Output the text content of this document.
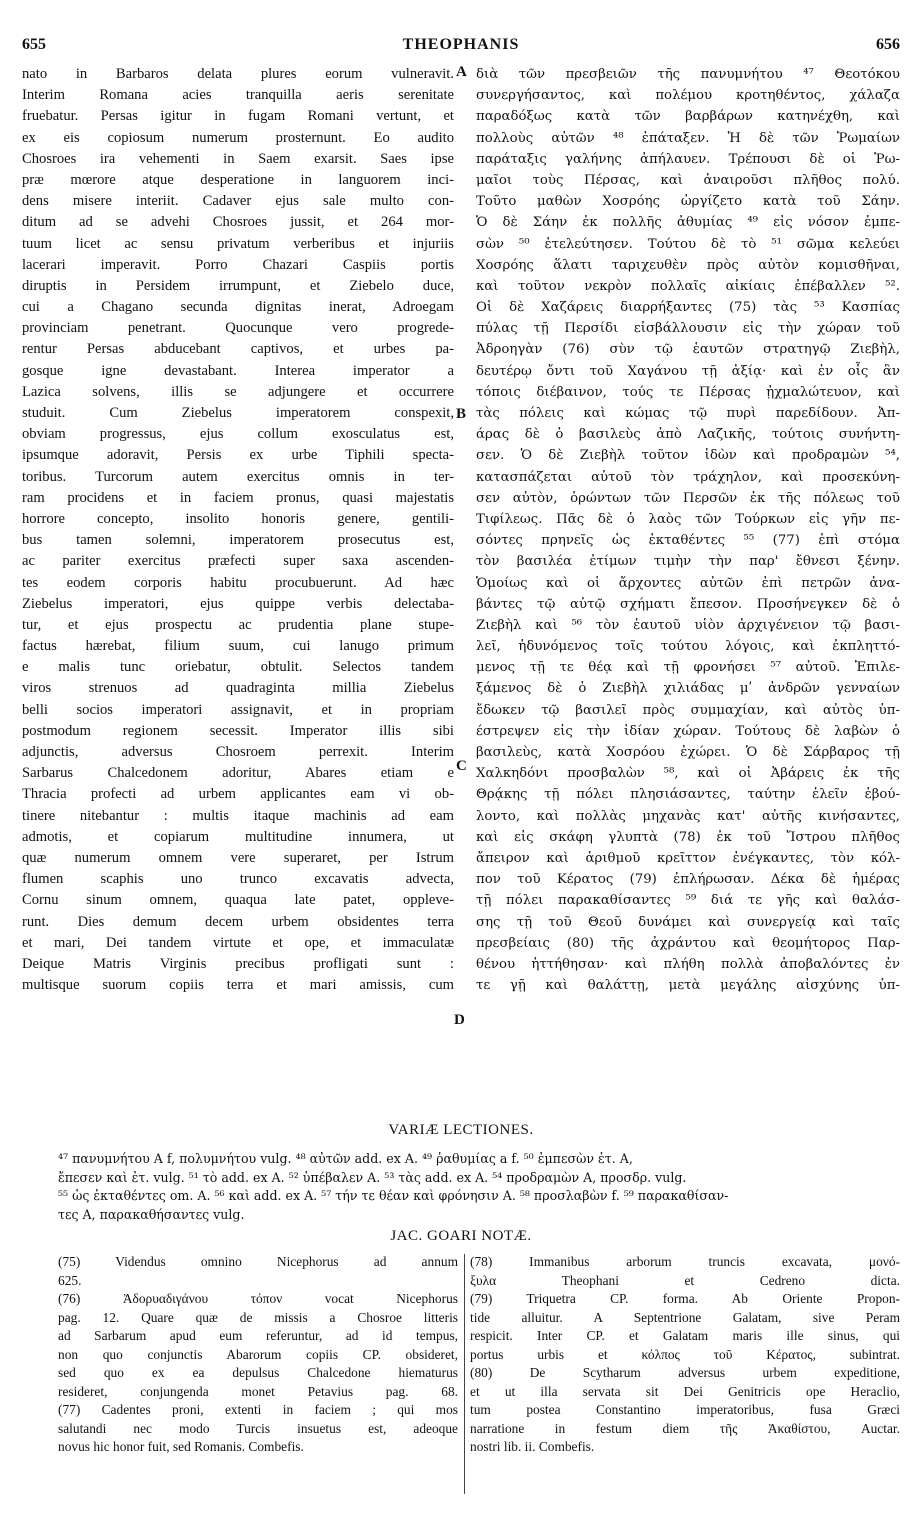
655	THEOPHANIS	656
nato in Barbaros delata plures eorum vulneravit.
Interim Romana acies tranquilla aeris serenitate
fruebatur. Persas igitur in fugam Romani vertunt, et
ex eis copiosum numerum prosternunt. Eo audito
Chosroes ira vehementi in Saem exarsit. Saes ipse
præ mœrore atque desperatione in languorem inci-
dens misere interiit. Cadaver ejus sale multo con-
ditum ad se advehi Chosroes jussit, et 264 mor-
tuum licet ac sensu privatum verberibus et injuriis
lacerari imperavit. Porro Chazari Caspiis portis
diruptis in Persidem irrumpunt, et Ziebelo duce,
cui a Chagano secunda dignitas inerat, Adroegam
provinciam penetrant. Quocunque vero progrede-
rentur Persas abducebant captivos, et urbes pa-
gosque igne devastabant. Interea imperator a
Lazica solvens, illis se adjungere et occurrere
studuit. Cum Ziebelus imperatorem conspexit,
obviam progressus, ejus collum exosculatus est,
ipsumque adoravit, Persis ex urbe Tiphili specta-
toribus. Turcorum autem exercitus omnis in ter-
ram procidens et in faciem pronus, quasi majestatis
horrore concepto, insolito honoris genere, gentili-
bus tamen solemni, imperatorem prosecutus est,
ac pariter exercitus præfecti super saxa ascenden-
tes eodem corporis habitu procubuerunt. Ad hæc
Ziebelus imperatori, ejus quippe verbis delectaba-
tur, et ejus prospectu ac prudentia plane stupe-
factus hærebat, filium suum, cui lanugo primum
e malis tunc oriebatur, obtulit. Selectos tandem
viros strenuos ad quadraginta millia Ziebelus
belli socios imperatori assignavit, et in propriam
postmodum regionem secessit. Imperator illis sibi
adjunctis, adversus Chosroem perrexit. Interim
Sarbarus Chalcedonem adoritur, Abares etiam e
Thracia profecti ad urbem applicantes eam vi ob-
tinere nitebantur : multis itaque machinis ad eam
admotis, et copiarum multitudine innumera, ut
quæ numerum omnem vere superaret, per Istrum
flumen scaphis uno trunco excavatis advecta,
Cornu sinum omnem, quaqua late patet, oppleve-
runt. Dies demum decem urbem obsidentes terra
et mari, Dei tandem virtute et ope, et immaculatæ
Deique Matris Virginis precibus profligati sunt :
multisque suorum copiis terra et mari amissis, cum
διὰ τῶν πρεσβειῶν τῆς πανυμνήτου ⁴⁷ Θεοτόκου
συνεργήσαντος, καὶ πολέμου κροτηθέντος, χάλαζα
παραδόξως κατὰ τῶν βαρβάρων κατηνέχθη, καὶ
πολλοὺς αὐτῶν ⁴⁸ ἐπάταξεν. Ἡ δὲ τῶν Ῥωμαίων
παράταξις γαλήνης ἀπήλαυεν. Τρέπουσι δὲ οἱ Ῥω-
μαῖοι τοὺς Πέρσας, καὶ ἀναιροῦσι πλῆθος πολύ.
Τοῦτο μαθὼν Χοσρόης ὠργίζετο κατὰ τοῦ Σάην.
Ὁ δὲ Σάην ἐκ πολλῆς ἀθυμίας ⁴⁹ εἰς νόσον ἐμπε-
σὼν ⁵⁰ ἐτελεύτησεν. Τούτου δὲ τὸ ⁵¹ σῶμα κελεύει
Χοσρόης ἅλατι ταριχευθὲν πρὸς αὐτὸν κομισθῆναι,
καὶ τοῦτον νεκρὸν πολλαῖς αἰκίαις ἐπέβαλλεν ⁵².
Οἱ δὲ Χαζάρεις διαρρήξαντες (75) τὰς ⁵³ Κασπίας
πύλας τῇ Περσίδι εἰσβάλλουσιν εἰς τὴν χώραν τοῦ
Ἀδροηγὰν (76) σὺν τῷ ἑαυτῶν στρατηγῷ Ζιεβὴλ,
δευτέρῳ ὄντι τοῦ Χαγάνου τῇ ἀξίᾳ· καὶ ἐν οἷς ἂν
τόποις διέβαινον, τούς τε Πέρσας ᾐχμαλώτευον, καὶ
τὰς πόλεις καὶ κώμας τῷ πυρὶ παρεδίδουν. Ἀπ-
άρας δὲ ὁ βασιλεὺς ἀπὸ Λαζικῆς, τούτοις συνήντη-
σεν. Ὁ δὲ Ζιεβὴλ τοῦτον ἰδὼν καὶ προδραμὼν ⁵⁴,
κατασπάζεται αὐτοῦ τὸν τράχηλον, καὶ προσεκύνη-
σεν αὐτὸν, ὁρώντων τῶν Περσῶν ἐκ τῆς πόλεως τοῦ
Τιφίλεως. Πᾶς δὲ ὁ λαὸς τῶν Τούρκων εἰς γῆν πε-
σόντες πρηνεῖς ὡς ἐκταθέντες ⁵⁵ (77) ἐπὶ στόμα
τὸν βασιλέα ἐτίμων τιμὴν τὴν παρ' ἔθνεσι ξένην.
Ὁμοίως καὶ οἱ ἄρχοντες αὐτῶν ἐπὶ πετρῶν ἀνα-
βάντες τῷ αὐτῷ σχήματι ἔπεσον. Προσήνεγκεν δὲ ὁ
Ζιεβὴλ καὶ ⁵⁶ τὸν ἑαυτοῦ υἱὸν ἀρχιγένειον τῷ βασι-
λεῖ, ἡδυνόμενος τοῖς τούτου λόγοις, καὶ ἐκπληττό-
μενος τῇ τε θέᾳ καὶ τῇ φρονήσει ⁵⁷ αὐτοῦ. Ἐπιλε-
ξάμενος δὲ ὁ Ζιεβὴλ χιλιάδας μʹ ἀνδρῶν γενναίων
ἔδωκεν τῷ βασιλεῖ πρὸς συμμαχίαν, καὶ αὐτὸς ὑπ-
έστρεψεν εἰς τὴν ἰδίαν χώραν. Τούτους δὲ λαβὼν ὁ
βασιλεὺς, κατὰ Χοσρόου ἐχώρει. Ὁ δὲ Σάρβαρος τῇ
Χαλκηδόνι προσβαλὼν ⁵⁸, καὶ οἱ Ἀβάρεις ἐκ τῆς
Θρᾴκης τῇ πόλει πλησιάσαντες, ταύτην ἑλεῖν ἐβού-
λοντο, καὶ πολλὰς μηχανὰς κατ' αὐτῆς κινήσαντες,
καὶ εἰς σκάφη γλυπτὰ (78) ἐκ τοῦ Ἴστρου πλῆθος
ἄπειρον καὶ ἀριθμοῦ κρεῖττον ἐνέγκαντες, τὸν κόλ-
πον τοῦ Κέρατος (79) ἐπλήρωσαν. Δέκα δὲ ἡμέρας
τῇ πόλει παρακαθίσαντες ⁵⁹ διά τε γῆς καὶ θαλάσ-
σης τῇ τοῦ Θεοῦ δυνάμει καὶ συνεργείᾳ καὶ ταῖς
πρεσβείαις (80) τῆς ἀχράντου καὶ θεομήτορος Παρ-
θένου ἡττήθησαν· καὶ πλήθη πολλὰ ἀποβαλόντες ἐν
τε γῇ καὶ θαλάττῃ, μετὰ μεγάλης αἰσχύνης ὑπ-
A
B
C
D
VARIÆ LECTIONES.
⁴⁷ πανυμνήτου A f, πολυμνήτου vulg. ⁴⁸ αὐτῶν add. ex A. ⁴⁹ ῥαθυμίας a f. ⁵⁰ ἐμπεσὼν ἐτ. A,
ἔπεσεν καὶ ἐτ. vulg. ⁵¹ τὸ add. ex A. ⁵² ὑπέβαλεν A. ⁵³ τὰς add. ex A. ⁵⁴ προδραμὼν A, προσδρ. vulg.
⁵⁵ ὡς ἐκταθέντες om. A. ⁵⁶ καὶ add. ex A. ⁵⁷ τήν τε θέαν καὶ φρόνησιν A. ⁵⁸ προσλαβὼν f. ⁵⁹ παρακαθίσαν-
τες A, παρακαθήσαντες vulg.
JAC. GOARI NOTÆ.
(75) Videndus omnino Nicephorus ad annum
625.
(76) Ἀδορυαδιγάνου τόπον vocat Nicephorus
pag. 12. Quare quæ de missis a Chosroe litteris
ad Sarbarum apud eum referuntur, ad id tempus,
non quo conjunctis Abarorum copiis CP. obsideret,
sed quo ex ea depulsus Chalcedone hiematurus
resideret, conjungenda monet Petavius pag. 68.
(77) Cadentes proni, extenti in faciem ; qui mos
salutandi nec modo Turcis insuetus est, adeoque
novus hic honor fuit, sed Romanis. Combefis.
(78) Immanibus arborum truncis excavata, μονό-
ξυλα Theophani et Cedreno dicta.
(79) Triquetra CP. forma. Ab Oriente Propon-
tide alluitur. A Septentrione Galatam, sive Peram
respicit. Inter CP. et Galatam maris ille sinus, qui
portus urbis et κόλπος τοῦ Κέρατος, subintrat.
(80) De Scytharum adversus urbem expeditione,
et ut illa servata sit Dei Genitricis ope Heraclio,
tum postea Constantino imperatoribus, fusa Græci
narratione in festum diem τῆς Ἀκαθίστου, Auctar.
nostri lib. ii. Combefis.
